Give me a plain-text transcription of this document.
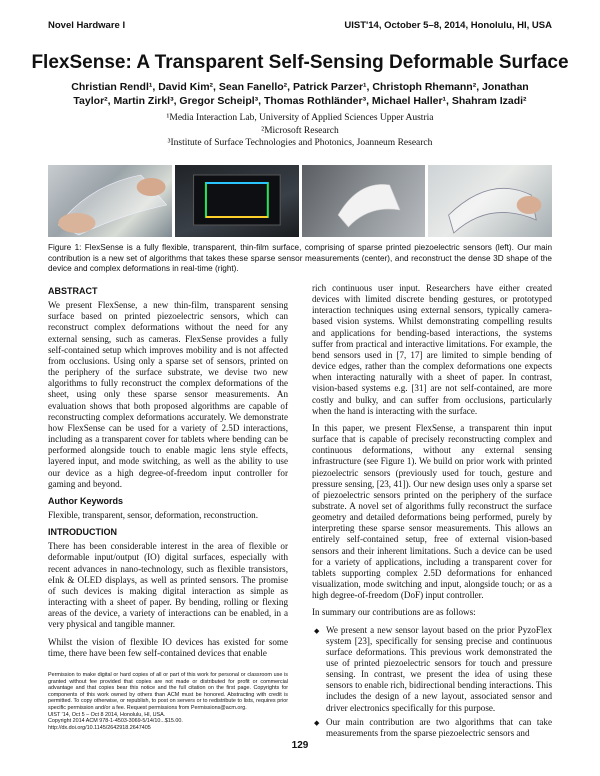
Novel Hardware I	UIST'14, October 5–8, 2014, Honolulu, HI, USA
FlexSense: A Transparent Self-Sensing Deformable Surface
Christian Rendl¹, David Kim², Sean Fanello², Patrick Parzer¹, Christoph Rhemann², Jonathan Taylor², Martin Zirkl³, Gregor Scheipl³, Thomas Rothländer³, Michael Haller¹, Shahram Izadi²
¹Media Interaction Lab, University of Applied Sciences Upper Austria
²Microsoft Research
³Institute of Surface Technologies and Photonics, Joanneum Research
Figure 1: FlexSense is a fully flexible, transparent, thin-film surface, comprising of sparse printed piezoelectric sensors (left). Our main contribution is a new set of algorithms that takes these sparse sensor measurements (center), and reconstruct the dense 3D shape of the device and complex deformations in real-time (right).
ABSTRACT

We present FlexSense, a new thin-film, transparent sensing surface based on printed piezoelectric sensors, which can reconstruct complex deformations without the need for any external sensing, such as cameras. FlexSense provides a fully self-contained setup which improves mobility and is not affected from occlusions. Using only a sparse set of sensors, printed on the periphery of the surface substrate, we devise two new algorithms to fully reconstruct the complex deformations of the sheet, using only these sparse sensor measurements. An evaluation shows that both proposed algorithms are capable of reconstructing complex deformations accurately. We demonstrate how FlexSense can be used for a variety of 2.5D interactions, including as a transparent cover for tablets where bending can be performed alongside touch to enable magic lens style effects, layered input, and mode switching, as well as the ability to use our device as a high degree-of-freedom input controller for gaming and beyond.

Author Keywords

Flexible, transparent, sensor, deformation, reconstruction.

INTRODUCTION

There has been considerable interest in the area of flexible or deformable input/output (IO) digital surfaces, especially with recent advances in nano-technology, such as flexible transistors, eInk & OLED displays, as well as printed sensors. The promise of such devices is making digital interaction as simple as interacting with a sheet of paper. By bending, rolling or flexing areas of the device, a variety of interactions can be enabled, in a very physical and tangible manner.

Whilst the vision of flexible IO devices has existed for some time, there have been few self-contained devices that enable

Permission to make digital or hard copies of all or part of this work for personal or classroom use is granted without fee provided that copies are not made or distributed for profit or commercial advantage and that copies bear this notice and the full citation on the first page. Copyrights for components of this work owned by others than ACM must be honored. Abstracting with credit is permitted. To copy otherwise, or republish, to post on servers or to redistribute to lists, requires prior specific permission and/or a fee. Request permissions from Permissions@acm.org.
UIST '14, Oct 5 – Oct 8 2014, Honolulu, HI, USA.
Copyright 2014 ACM 978-1-4503-3069-5/14/10...$15.00.
http://dx.doi.org/10.1145/2642918.2647405

rich continuous user input. Researchers have either created devices with limited discrete bending gestures, or prototyped interaction techniques using external sensors, typically camera-based vision systems. Whilst demonstrating compelling results and applications for bending-based interactions, the systems suffer from practical and interactive limitations. For example, the bend sensors used in [7, 17] are limited to simple bending of device edges, rather than the complex deformations one expects when interacting naturally with a sheet of paper. In contrast, vision-based systems e.g. [31] are not self-contained, are more costly and bulky, and can suffer from occlusions, particularly when the hand is interacting with the surface.

In this paper, we present FlexSense, a transparent thin input surface that is capable of precisely reconstructing complex and continuous deformations, without any external sensing infrastructure (see Figure 1). We build on prior work with printed piezoelectric sensors (previously used for touch, gesture and pressure sensing, [23, 41]). Our new design uses only a sparse set of piezoelectric sensors printed on the periphery of the surface substrate. A novel set of algorithms fully reconstruct the surface geometry and detailed deformations being performed, purely by interpreting these sparse sensor measurements. This allows an entirely self-contained setup, free of external vision-based sensors and their inherent limitations. Such a device can be used for a variety of applications, including a transparent cover for tablets supporting complex 2.5D deformations for enhanced visualization, mode switching and input, alongside touch; or as a high degree-of-freedom (DoF) input controller.

In summary our contributions are as follows:

◆ We present a new sensor layout based on the prior PyzoFlex system [23], specifically for sensing precise and continuous surface deformations. This previous work demonstrated the use of printed piezoelectric sensors for touch and pressure sensing. In contrast, we present the idea of using these sensors to enable rich, bidirectional bending interactions. This includes the design of a new layout, associated sensor and driver electronics specifically for this purpose.
◆ Our main contribution are two algorithms that can take measurements from the sparse piezoelectric sensors and
129
